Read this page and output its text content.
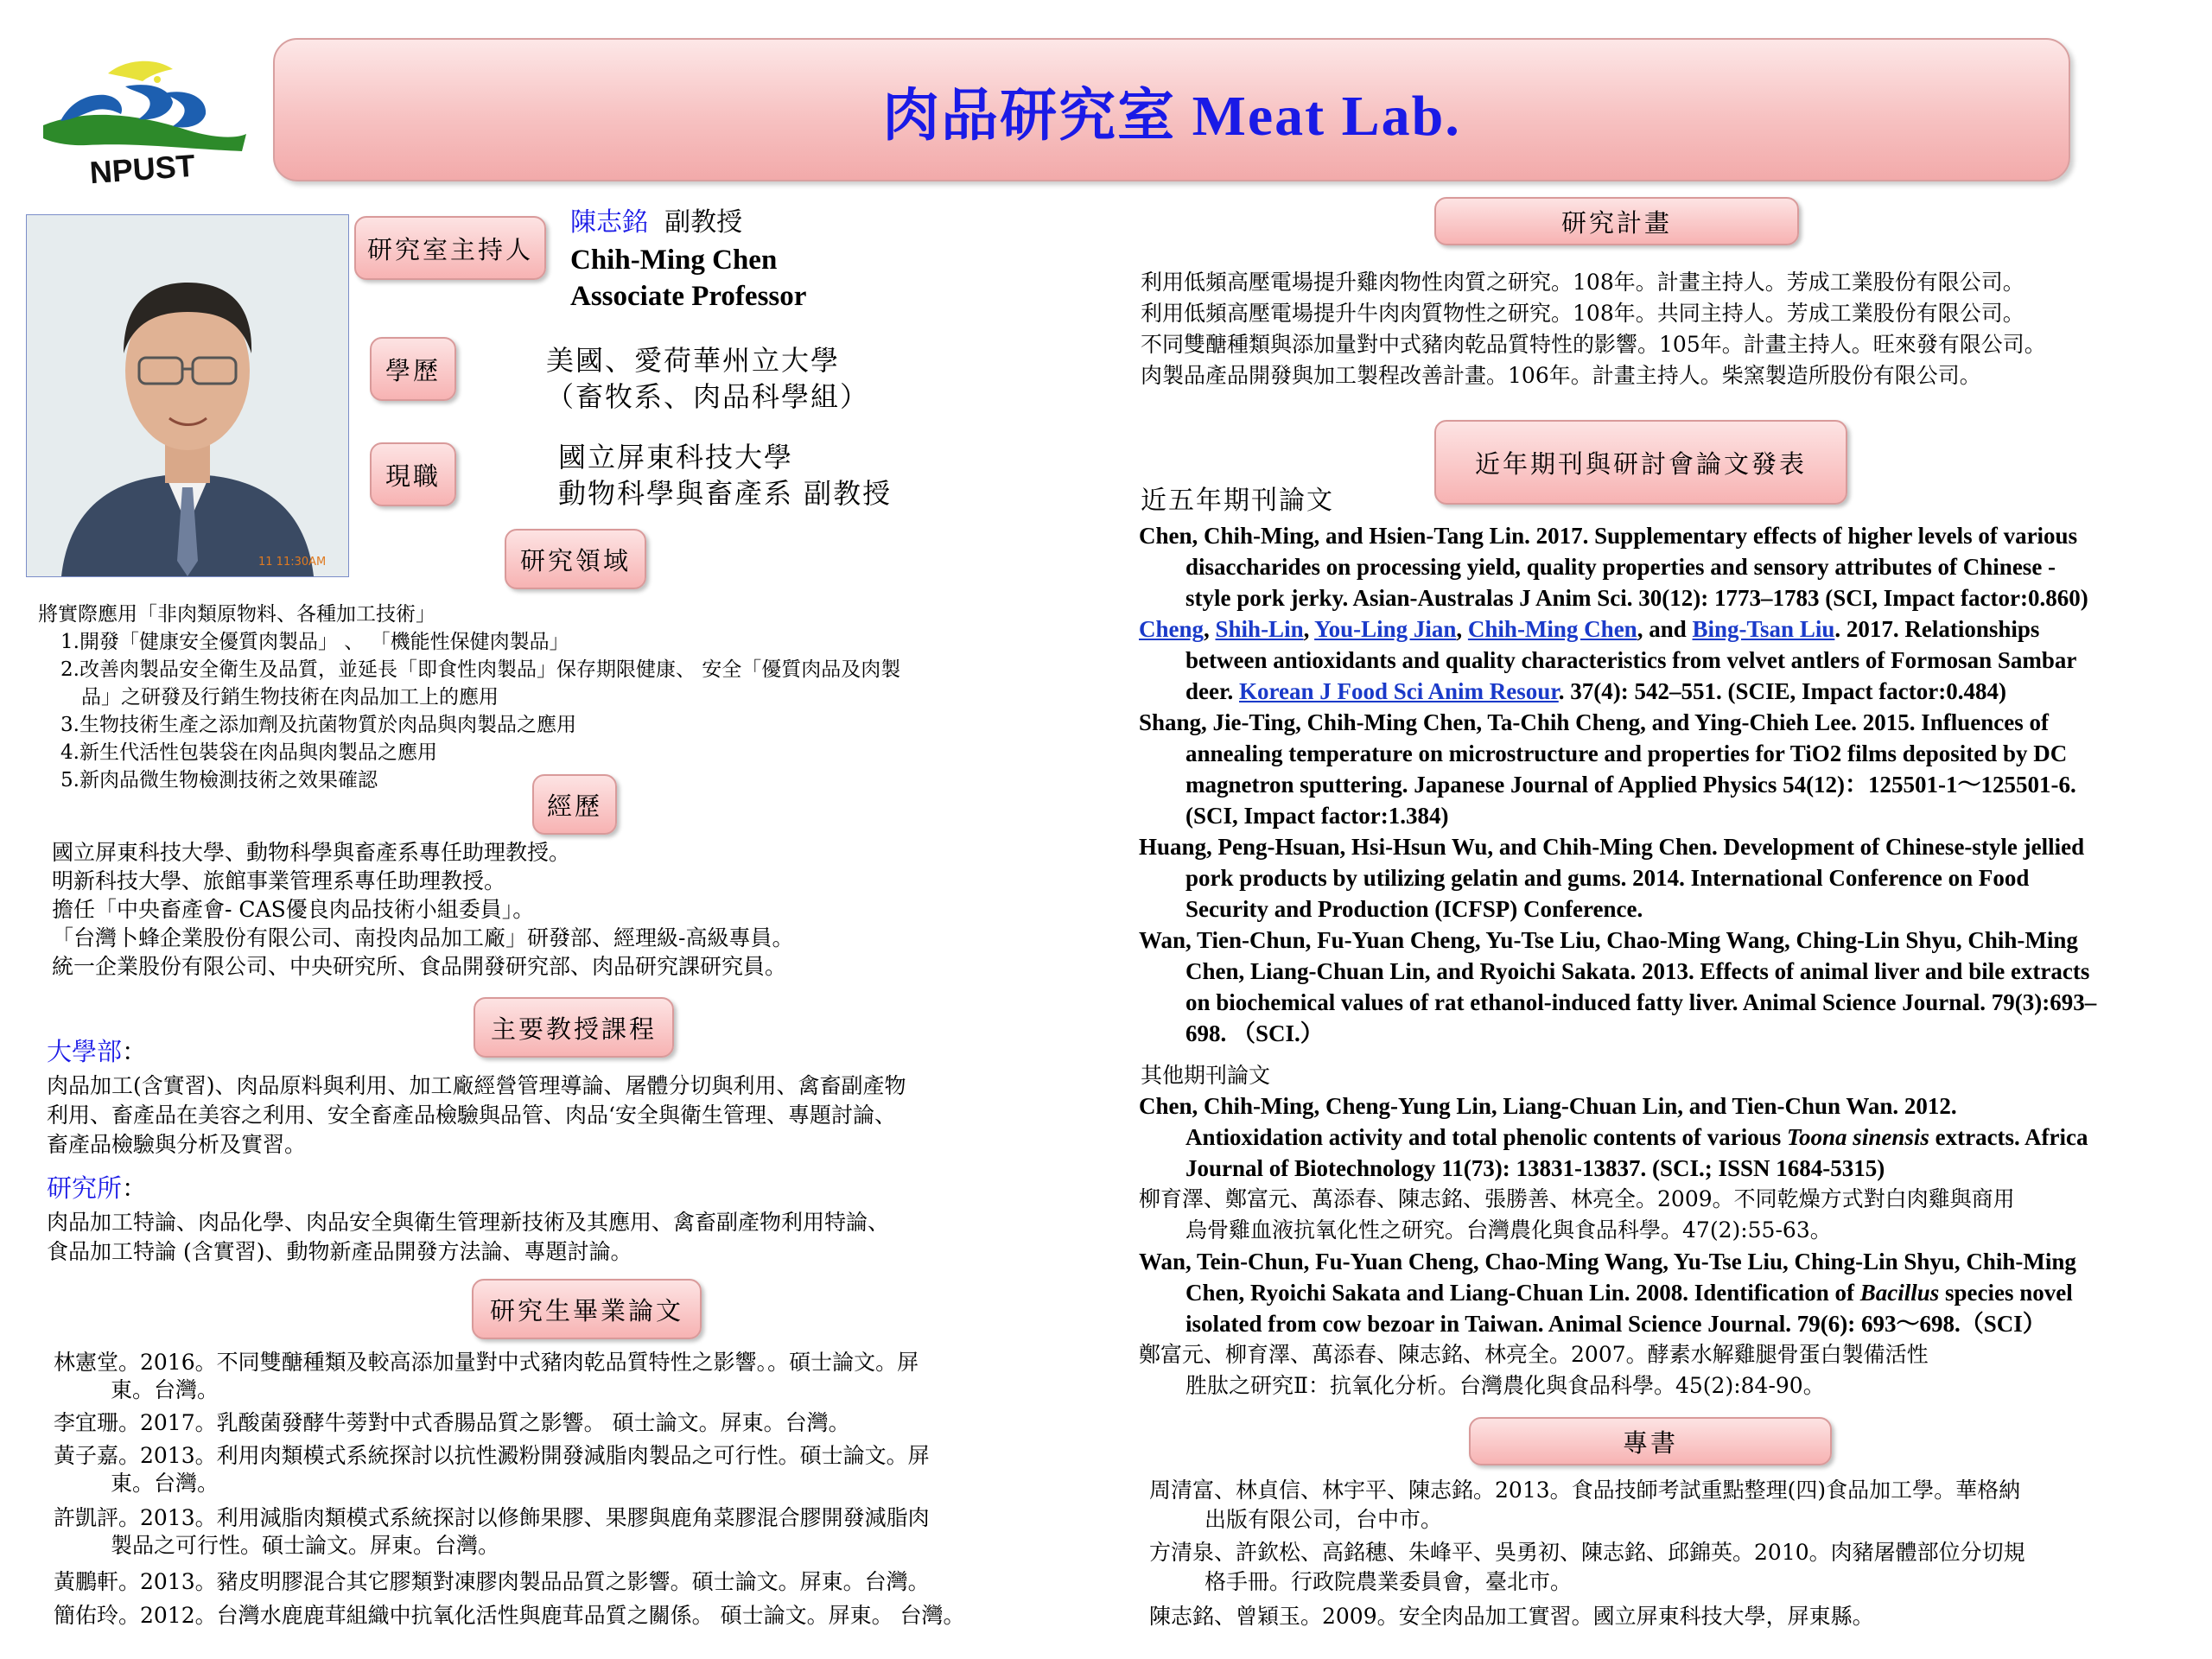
NPUST
肉品研究室 Meat Lab.
11 11:30AM
研究室主持人
陳志銘 副教授
Chih-Ming Chen
Associate Professor
學歷	美國、愛荷華州立大學
（畜牧系、肉品科學組）
現職
國立屏東科技大學
動物科學與畜產系 副教授
研究領域
將實際應用「非肉類原物料、各種加工技術」
1.開發「健康安全優質肉製品」 、 「機能性保健肉製品」
2.改善肉製品安全衛生及品質，並延長「即食性肉製品」保存期限健康、 安全「優質肉品及肉製
品」之研發及行銷生物技術在肉品加工上的應用
3.生物技術生產之添加劑及抗菌物質於肉品與肉製品之應用
4.新生代活性包裝袋在肉品與肉製品之應用
5.新肉品微生物檢測技術之效果確認
經歷
國立屏東科技大學、動物科學與畜產系專任助理教授。
明新科技大學、旅館事業管理系專任助理教授。
擔任「中央畜產會- CAS優良肉品技術小組委員」。
「台灣卜蜂企業股份有限公司、南投肉品加工廠」研發部、經理級-高級專員。
統一企業股份有限公司、中央研究所、食品開發研究部、肉品研究課研究員。
主要教授課程
大學部：
肉品加工(含實習)、肉品原料與利用、加工廠經營管理導論、屠體分切與利用、禽畜副產物
利用、畜產品在美容之利用、安全畜產品檢驗與品管、肉品‘安全與衛生管理、專題討論、
畜產品檢驗與分析及實習。
研究所：
肉品加工特論、肉品化學、肉品安全與衛生管理新技術及其應用、禽畜副產物利用特論、
食品加工特論 (含實習)、動物新產品開發方法論、專題討論。
研究生畢業論文
林憲堂。2016。不同雙醣種類及較高添加量對中式豬肉乾品質特性之影響。。碩士論文。屏
東。台灣。
李宜珊。2017。乳酸菌發酵牛蒡對中式香腸品質之影響。 碩士論文。屏東。台灣。
黃子嘉。2013。利用肉類模式系統探討以抗性澱粉開發減脂肉製品之可行性。碩士論文。屏
東。台灣。
許凱評。2013。利用減脂肉類模式系統探討以修飾果膠、果膠與鹿角菜膠混合膠開發減脂肉
製品之可行性。碩士論文。屏東。台灣。
黃鵬軒。2013。豬皮明膠混合其它膠類對凍膠肉製品品質之影響。碩士論文。屏東。台灣。
簡佑玲。2012。台灣水鹿鹿茸組織中抗氧化活性與鹿茸品質之關係。 碩士論文。屏東。 台灣。
研究計畫
利用低頻高壓電場提升雞肉物性肉質之研究。108年。計畫主持人。芳成工業股份有限公司。
利用低頻高壓電場提升牛肉肉質物性之研究。108年。共同主持人。芳成工業股份有限公司。
不同雙醣種類與添加量對中式豬肉乾品質特性的影響。105年。計畫主持人。旺來發有限公司。
肉製品產品開發與加工製程改善計畫。106年。計畫主持人。柴窯製造所股份有限公司。
近年期刊與研討會論文發表
近五年期刊論文
Chen, Chih-Ming, and Hsien-Tang Lin. 2017. Supplementary effects of higher levels of various
disaccharides on processing yield, quality properties and sensory attributes of Chinese -
style pork jerky. Asian-Australas J Anim Sci. 30(12): 1773–1783 (SCI, Impact factor:0.860)
Cheng, Shih-Lin, You-Ling Jian, Chih-Ming Chen, and Bing-Tsan Liu. 2017. Relationships
between antioxidants and quality characteristics from velvet antlers of Formosan Sambar
deer. Korean J Food Sci Anim Resour. 37(4): 542–551. (SCIE, Impact factor:0.484)
Shang, Jie-Ting, Chih-Ming Chen, Ta-Chih Cheng, and Ying-Chieh Lee. 2015. Influences of
annealing temperature on microstructure and properties for TiO2 films deposited by DC
magnetron sputtering. Japanese Journal of Applied Physics 54(12)：125501-1～125501-6.
(SCI, Impact factor:1.384)
Huang, Peng-Hsuan, Hsi-Hsun Wu, and Chih-Ming Chen. Development of Chinese-style jellied
pork products by utilizing gelatin and gums. 2014. International Conference on Food
Security and Production (ICFSP) Conference.
Wan, Tien-Chun, Fu-Yuan Cheng, Yu-Tse Liu, Chao-Ming Wang, Ching-Lin Shyu, Chih-Ming
Chen, Liang-Chuan Lin, and Ryoichi Sakata. 2013. Effects of animal liver and bile extracts
on biochemical values of rat ethanol-induced fatty liver. Animal Science Journal. 79(3):693–
698. （SCI.）
其他期刊論文
Chen, Chih-Ming, Cheng-Yung Lin, Liang-Chuan Lin, and Tien-Chun Wan. 2012.
Antioxidation activity and total phenolic contents of various Toona sinensis extracts. Africa
Journal of Biotechnology 11(73): 13831-13837. (SCI.; ISSN 1684-5315)
柳育澤、鄭富元、萬添春、陳志銘、張勝善、林亮全。2009。不同乾燥方式對白肉雞與商用
烏骨雞血液抗氧化性之研究。台灣農化與食品科學。47(2):55-63。
Wan, Tein-Chun, Fu-Yuan Cheng, Chao-Ming Wang, Yu-Tse Liu, Ching-Lin Shyu, Chih-Ming
Chen, Ryoichi Sakata and Liang-Chuan Lin. 2008. Identification of Bacillus species novel
isolated from cow bezoar in Taiwan. Animal Science Journal. 79(6): 693～698.（SCI）
鄭富元、柳育澤、萬添春、陳志銘、林亮全。2007。酵素水解雞腿骨蛋白製備活性
胜肽之研究Ⅱ：抗氧化分析。台灣農化與食品科學。45(2):84-90。
專書
周清富、林貞信、林宇平、陳志銘。2013。食品技師考試重點整理(四)食品加工學。華格納
出版有限公司，台中市。
方清泉、許欽松、高銘穗、朱峰平、吳勇初、陳志銘、邱錦英。2010。肉豬屠體部位分切規
格手冊。行政院農業委員會，臺北市。
陳志銘、曾穎玉。2009。安全肉品加工實習。國立屏東科技大學，屏東縣。
